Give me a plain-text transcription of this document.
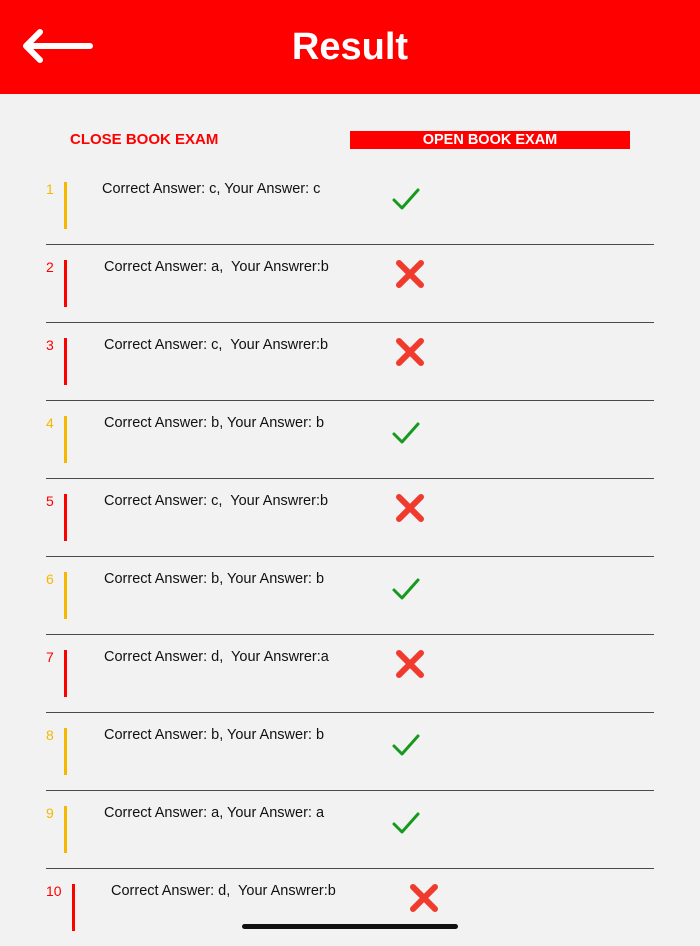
Result
CLOSE BOOK EXAM	OPEN BOOK EXAM
1	Correct Answer: c, Your Answer: c
2	Correct Answer: a,  Your Answrer:b
3	Correct Answer: c,  Your Answrer:b
4	Correct Answer: b, Your Answer: b
5	Correct Answer: c,  Your Answrer:b
6	Correct Answer: b, Your Answer: b
7	Correct Answer: d,  Your Answrer:a
8	Correct Answer: b, Your Answer: b
9	Correct Answer: a, Your Answer: a
10	Correct Answer: d,  Your Answrer:b
